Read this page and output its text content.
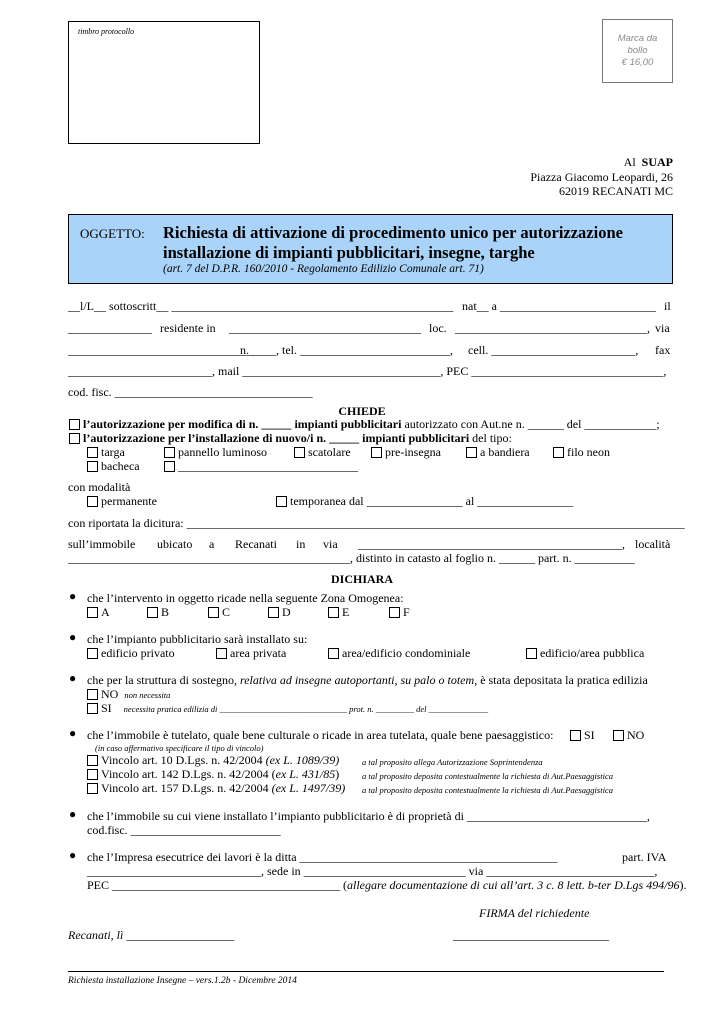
timbro protocollo
Marca da
bollo
€ 16,00
Al SUAP
Piazza Giacomo Leopardi, 26
62019 RECANATI MC
OGGETTO: Richiesta di attivazione di procedimento unico per autorizzazione
installazione di impianti pubblicitari, insegne, targhe
(art. 7 del D.P.R. 160/2010 - Regolamento Edilizio Comunale art. 71)
__l/L__ sottoscritt__ _______________________________________________ nat__ a __________________________ il
______________ residente in ________________________________ loc. ________________________________, via
_______________________________
n. ____, tel. _________________________, cell. ________________________, fax
________________________, mail _________________________________, PEC ________________________________,
cod. fisc. _________________________________
CHIEDE
l’autorizzazione per modifica di n. _____ impianti pubblicitari autorizzato con Aut.ne n. ______ del ____________;
l’autorizzazione per l’installazione di nuovo/i n. _____ impianti pubblicitari del tipo:
targa	pannello luminoso	scatolare	pre-insegna	a bandiera	filo neon
bacheca	______________________________
con modalità
permanente	temporanea dal ________________ al ________________
con riportata la dicitura: ___________________________________________________________________________________
sull’immobile ubicato a Recanati in via ____________________________________________, località
_______________________________________________, distinto in catasto al foglio n. ______ part. n. __________
DICHIARA
● che l’intervento in oggetto ricade nella seguente Zona Omogenea:
A	B	C	D	E	F
● che l’impianto pubblicitario sarà installato su:
edificio privato	area privata	area/edificio condominiale	edificio/area pubblica
● che per la struttura di sostegno, relativa ad insegne autoportanti, su palo o totem, è stata depositata la pratica edilizia
NO non necessita
SI necessita pratica edilizia di ______________________________ prot. n. _________ del ______________
● che l’immobile è tutelato, quale bene culturale o ricade in area tutelata, quale bene paesaggistico:	SI	NO
(in caso affermativo specificare il tipo di vincolo)
Vincolo art. 10 D.Lgs. n. 42/2004 (ex L. 1089/39)	a tal proposito allega Autorizzazione Soprintendenza
Vincolo art. 142 D.Lgs. n. 42/2004 (ex L. 431/85)	a tal proposito deposita contestualmente la richiesta di Aut.Paesaggistica
Vincolo art. 157 D.Lgs. n. 42/2004 (ex L. 1497/39) a tal proposito deposita contestualmente la richiesta di Aut.Paesaggistica
● che l’immobile su cui viene installato l’impianto pubblicitario è di proprietà di ______________________________,
cod.fisc. _________________________
● che l’Impresa esecutrice dei lavori è la ditta ___________________________________________	part. IVA
_____________________________, sede in ___________________________ via ____________________________,
PEC ______________________________________ (allegare documentazione di cui all’art. 3 c. 8 lett. b-ter D.Lgs 494/96).
FIRMA del richiedente
Recanati, lì __________________	__________________________
Richiesta installazione Insegne – vers.1.2b - Dicembre 2014
